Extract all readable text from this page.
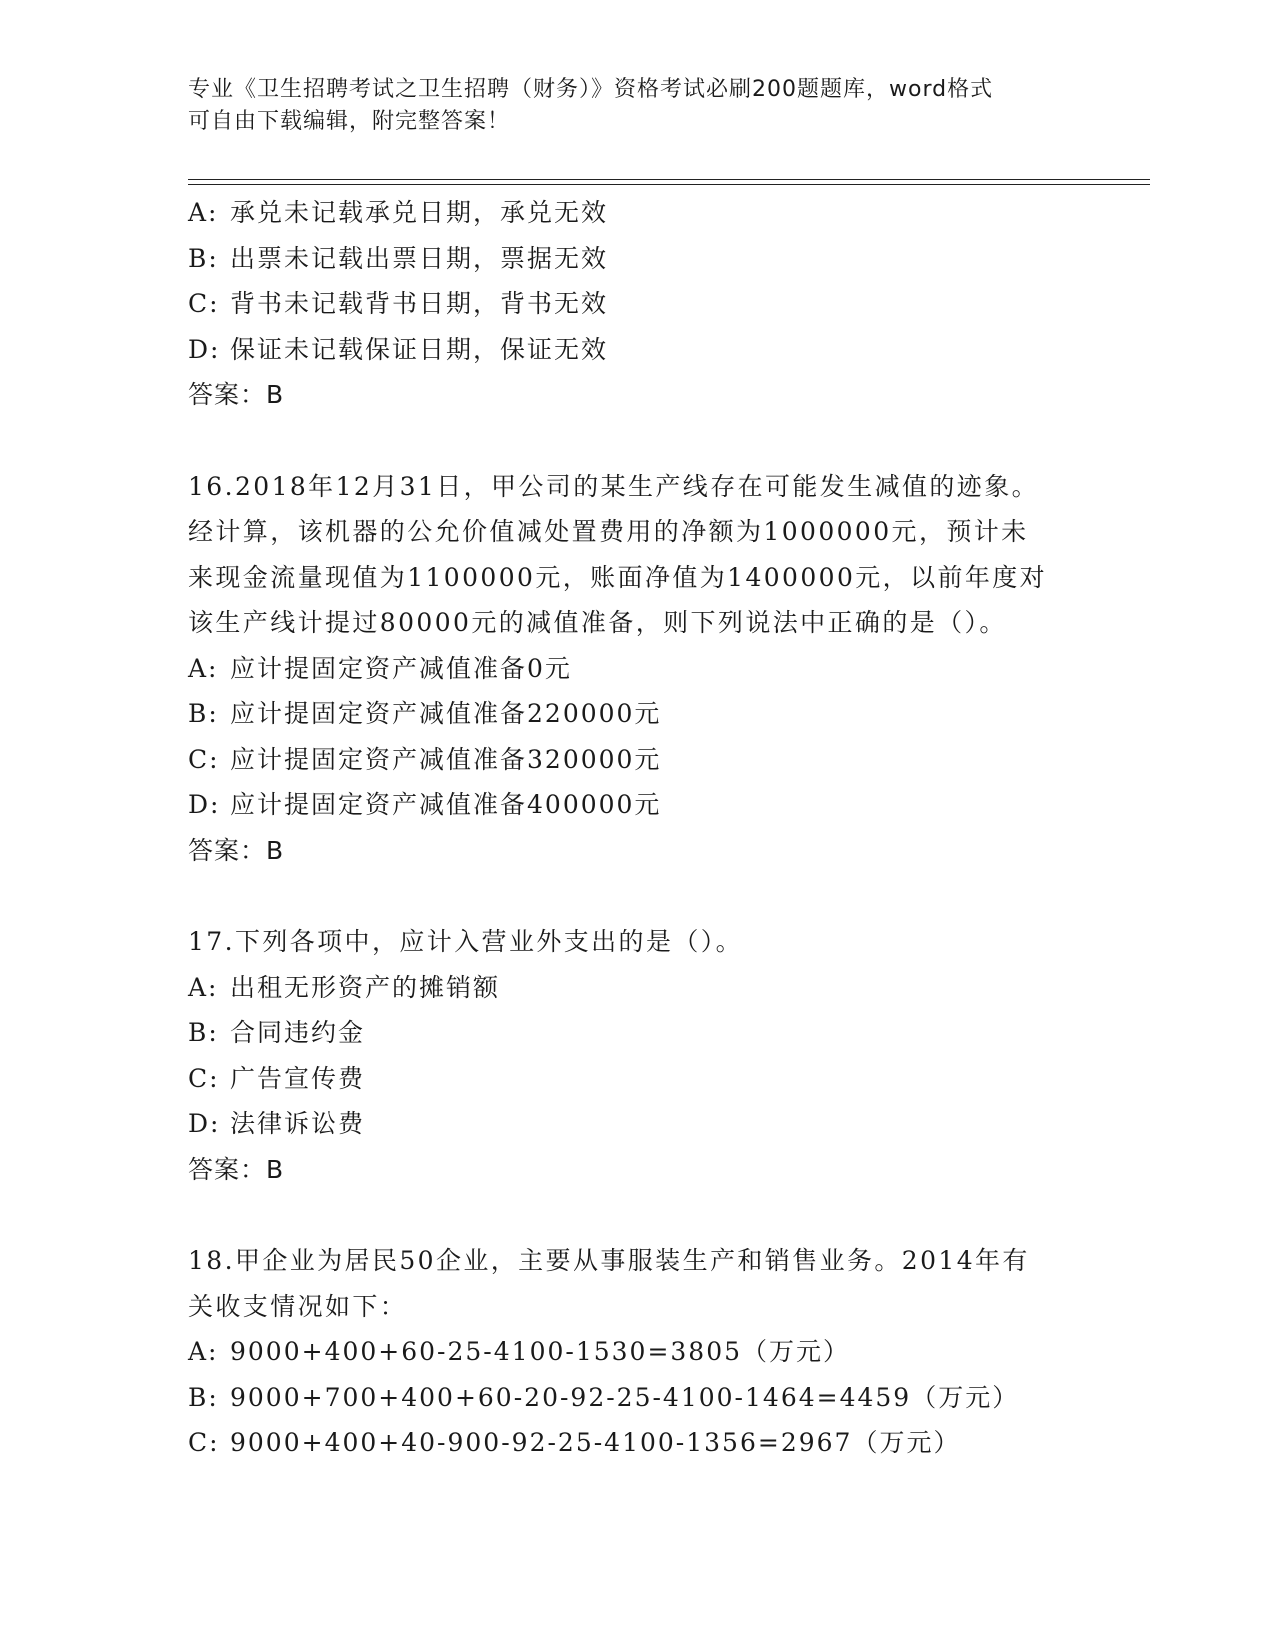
专业《卫生招聘考试之卫生招聘（财务）》资格考试必刷200题题库，word格式
可自由下载编辑，附完整答案！
A: 承兑未记载承兑日期，承兑无效
B: 出票未记载出票日期，票据无效
C: 背书未记载背书日期，背书无效
D: 保证未记载保证日期，保证无效
答案：B
16.2018年12月31日，甲公司的某生产线存在可能发生减值的迹象。
经计算，该机器的公允价值减处置费用的净额为1000000元，预计未
来现金流量现值为1100000元，账面净值为1400000元，以前年度对
该生产线计提过80000元的减值准备，则下列说法中正确的是（）。
A: 应计提固定资产减值准备0元
B: 应计提固定资产减值准备220000元
C: 应计提固定资产减值准备320000元
D: 应计提固定资产减值准备400000元
答案：B
17.下列各项中，应计入营业外支出的是（）。
A: 出租无形资产的摊销额
B: 合同违约金
C: 广告宣传费
D: 法律诉讼费
答案：B
18.甲企业为居民50企业，主要从事服装生产和销售业务。2014年有
关收支情况如下：
A: 9000+400+60-25-4100-1530=3805（万元）
B: 9000+700+400+60-20-92-25-4100-1464=4459（万元）
C: 9000+400+40-900-92-25-4100-1356=2967（万元）
